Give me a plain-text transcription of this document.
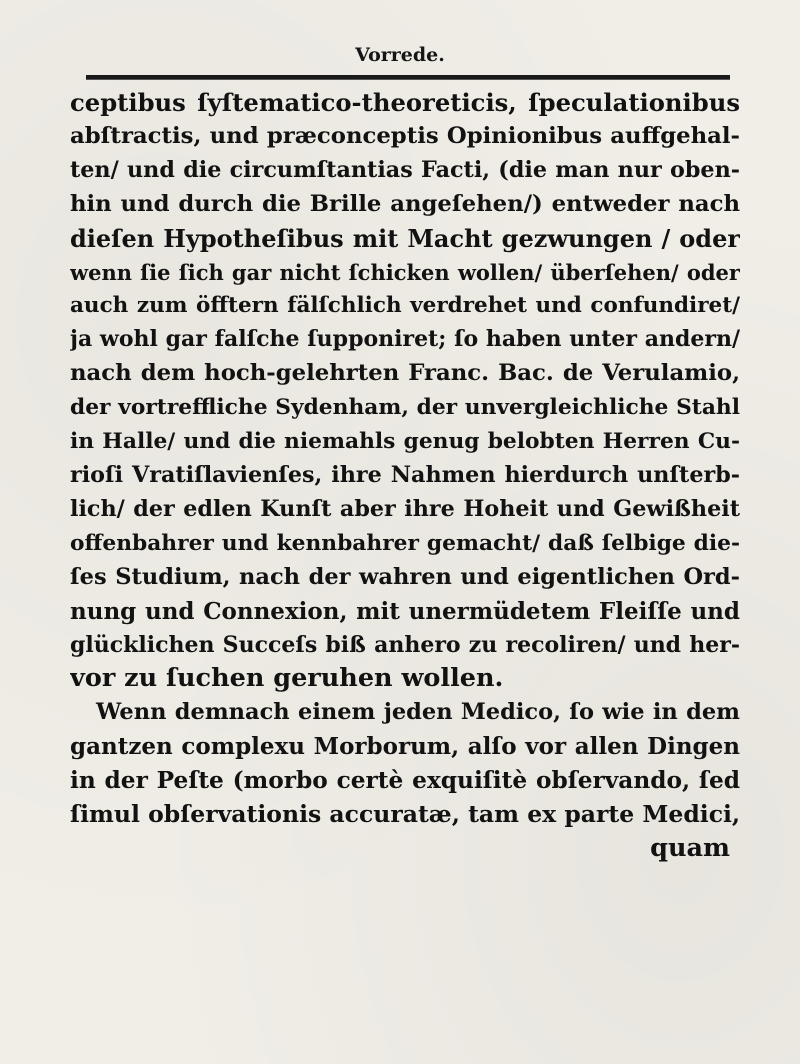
Vorrede.
ceptibus ſyſtematico-theoreticis, ſpeculationibus
abſtractis, und præconceptis Opinionibus auffgehal-
ten/ und die circumſtantias Facti, (die man nur oben-
hin und durch die Brille angeſehen/) entweder nach
dieſen Hypotheſibus mit Macht gezwungen / oder
wenn ſie ſich gar nicht ſchicken wollen/ überſehen/ oder
auch zum öfftern fälſchlich verdrehet und confundiret/
ja wohl gar falſche ſupponiret; ſo haben unter andern/
nach dem hoch-gelehrten Franc. Bac. de Verulamio,
der vortreffliche Sydenham, der unvergleichliche Stahl
in Halle/ und die niemahls genug belobten Herren Cu-
rioſi Vratiſlavienſes, ihre Nahmen hierdurch unſterb-
lich/ der edlen Kunſt aber ihre Hoheit und Gewißheit
offenbahrer und kennbahrer gemacht/ daß ſelbige die-
ſes Studium, nach der wahren und eigentlichen Ord-
nung und Connexion, mit unermüdetem Fleiſſe und
glücklichen Succeſs biß anhero zu recoliren/ und her-
vor zu ſuchen geruhen wollen.
Wenn demnach einem jeden Medico, ſo wie in dem
gantzen complexu Morborum, alſo vor allen Dingen
in der Peſte (morbo certè exquiſitè obſervando, ſed
ſimul obſervationis accuratæ, tam ex parte Medici,
quam
